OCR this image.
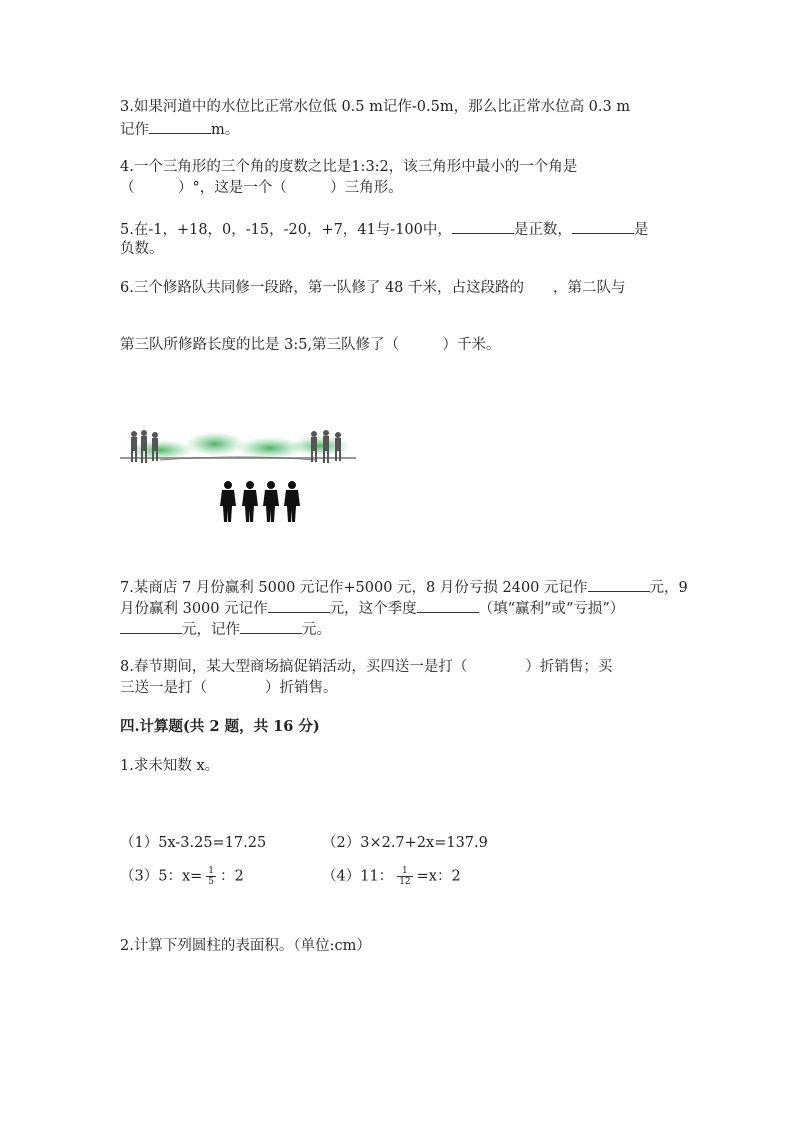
3.如果河道中的水位比正常水位低 0.5 m记作-0.5m，那么比正常水位高 0.3 m
记作	m。
4.一个三角形的三个角的度数之比是1:3:2，该三角形中最小的一个角是
（　　　）°，这是一个（　　　）三角形。
5.在-1，+18，0，-15，-20，+7，41与-100中，	是正数，	是
负数。
6.三个修路队共同修一段路，第一队修了 48 千米，占这段路的　　，第二队与
第三队所修路长度的比是 3:5,第三队修了（　　　）千米。
7.某商店 7 月份赢利 5000 元记作+5000 元，8 月份亏损 2400 元记作	元，9
月份赢利 3000 元记作	元，这个季度	（填“赢利”或“亏损”）
元，记作	元。
8.春节期间，某大型商场搞促销活动，买四送一是打（　　　　）折销售；买
三送一是打（　　　　）折销售。
四.计算题(共 2 题，共 16 分)
1.求未知数 x。
（1）5x-3.25=17.25	（2）3×2.7+2x=137.9
（3）5：$x= \frac{1}{5}$ ：2	（4）11： $\frac{1}{12} =x$：2
2.计算下列圆柱的表面积。（单位:cm）
